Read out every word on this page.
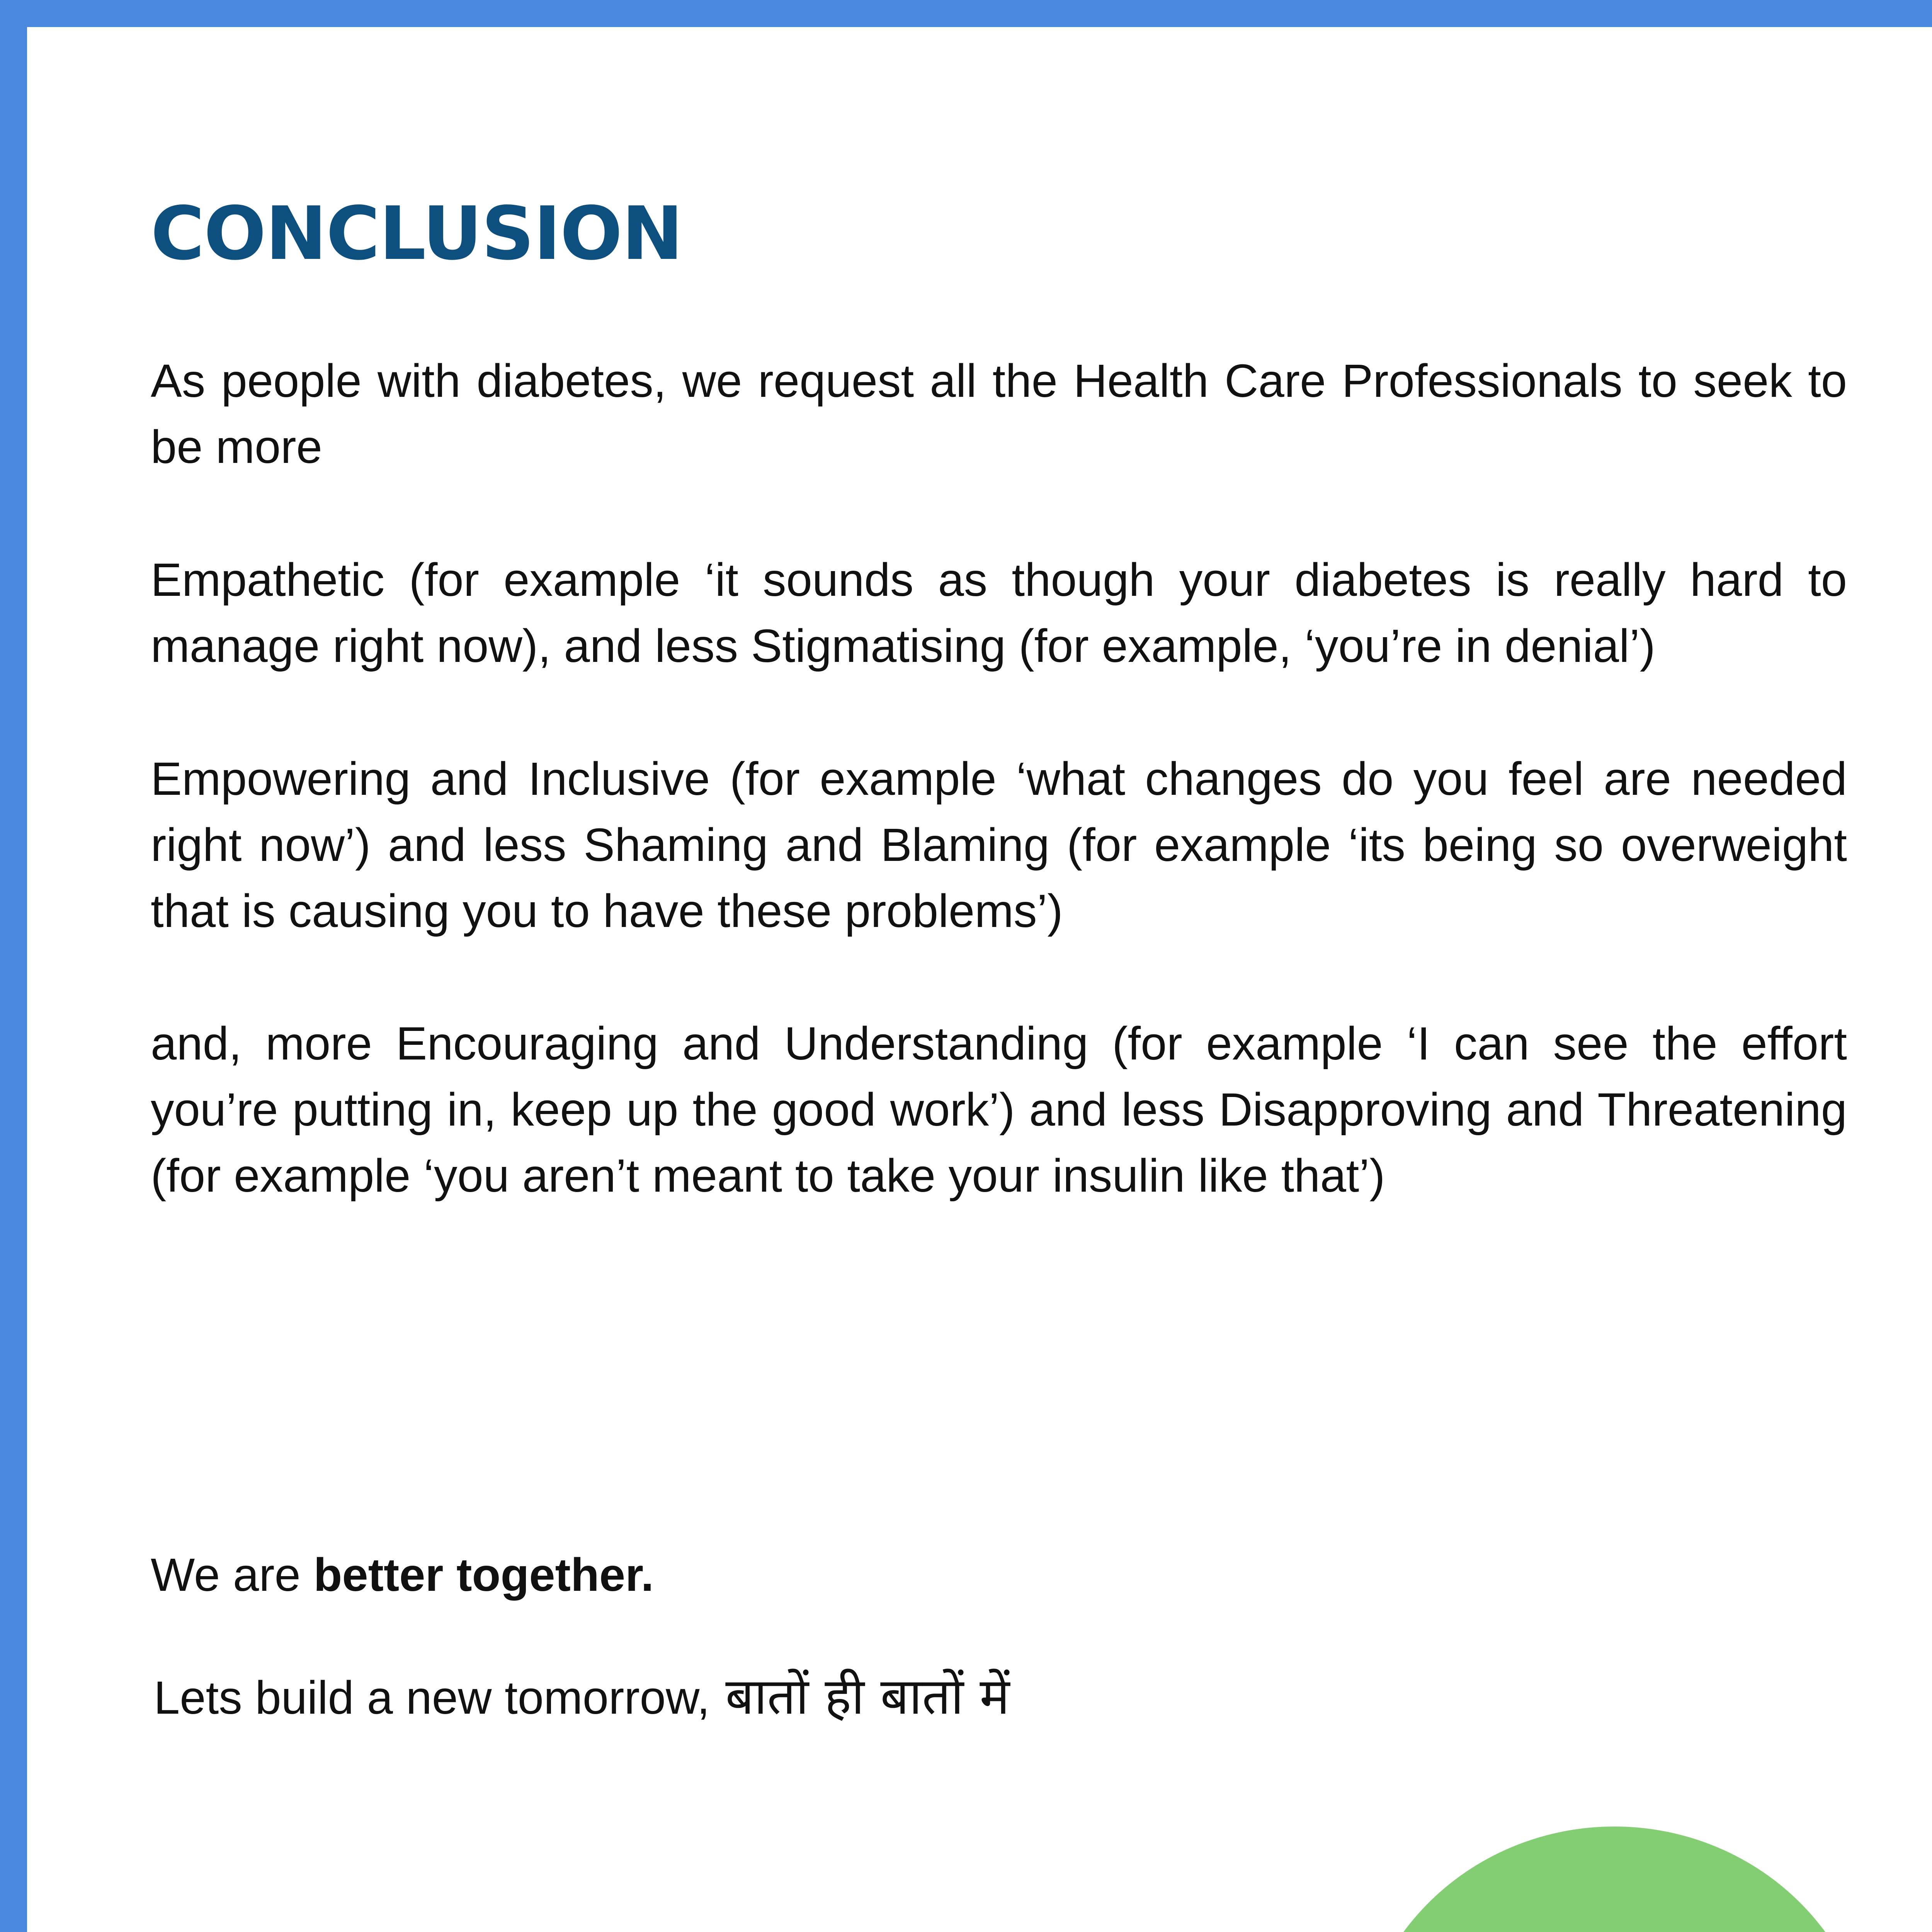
CONCLUSION

As people with diabetes, we request all the Health Care Professionals to seek to be more

Empathetic (for example ‘it sounds as though your diabetes is really hard to manage right now), and less Stigmatising (for example, ‘you’re in denial’)

Empowering and Inclusive (for example ‘what changes do you feel are needed right now’) and less Shaming and Blaming (for example ‘its being so overweight that is causing you to have these problems’)

and, more Encouraging and Understanding (for example ‘I can see the effort you’re putting in, keep up the good work’) and less Disapproving and Threatening (for example ‘you aren’t meant to take your insulin like that’)

We are better together.

Lets build a new tomorrow, बातों ही बातों में
